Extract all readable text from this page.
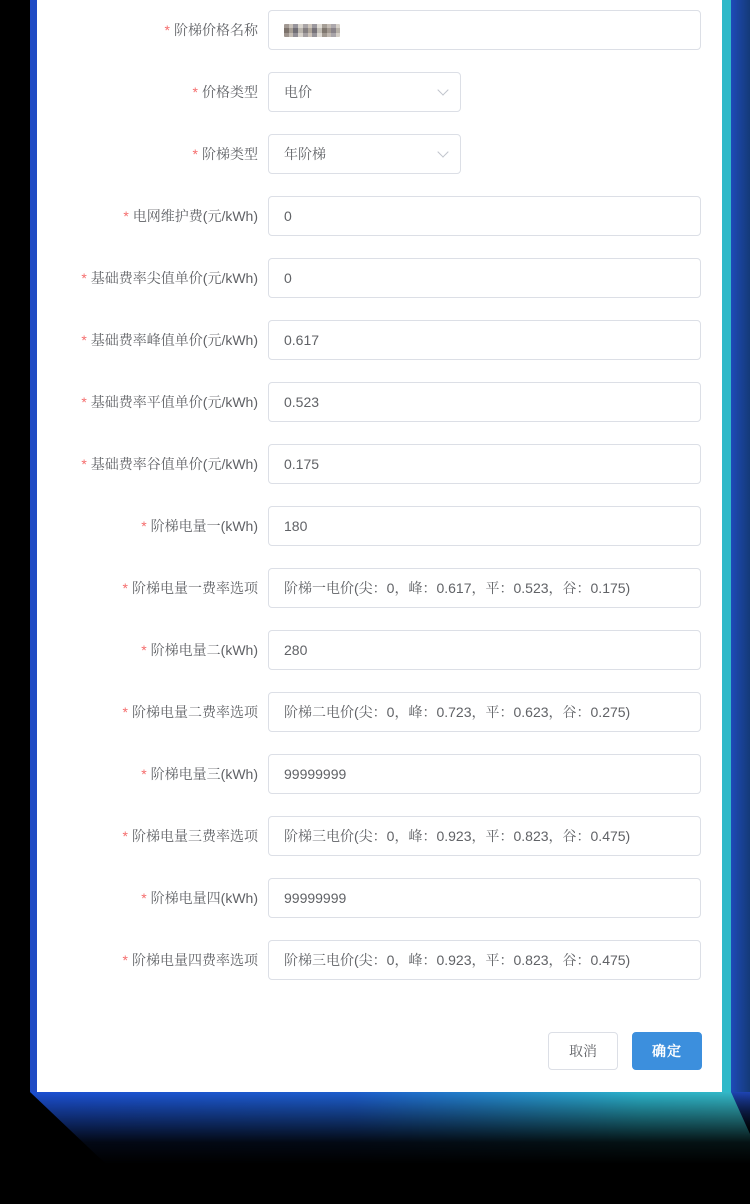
* 阶梯价格名称
* 价格类型 电价
* 阶梯类型 年阶梯
* 电网维护费(元/kWh) 0
* 基础费率尖值单价(元/kWh) 0
* 基础费率峰值单价(元/kWh) 0.617
* 基础费率平值单价(元/kWh) 0.523
* 基础费率谷值单价(元/kWh) 0.175
* 阶梯电量一(kWh) 180
* 阶梯电量一费率选项 阶梯一电价(尖：0，峰：0.617，平：0.523，谷：0.175)
* 阶梯电量二(kWh) 280
* 阶梯电量二费率选项 阶梯二电价(尖：0，峰：0.723，平：0.623，谷：0.275)
* 阶梯电量三(kWh) 99999999
* 阶梯电量三费率选项 阶梯三电价(尖：0，峰：0.923，平：0.823，谷：0.475)
* 阶梯电量四(kWh) 99999999
* 阶梯电量四费率选项 阶梯三电价(尖：0，峰：0.923，平：0.823，谷：0.475)
取消	确定
